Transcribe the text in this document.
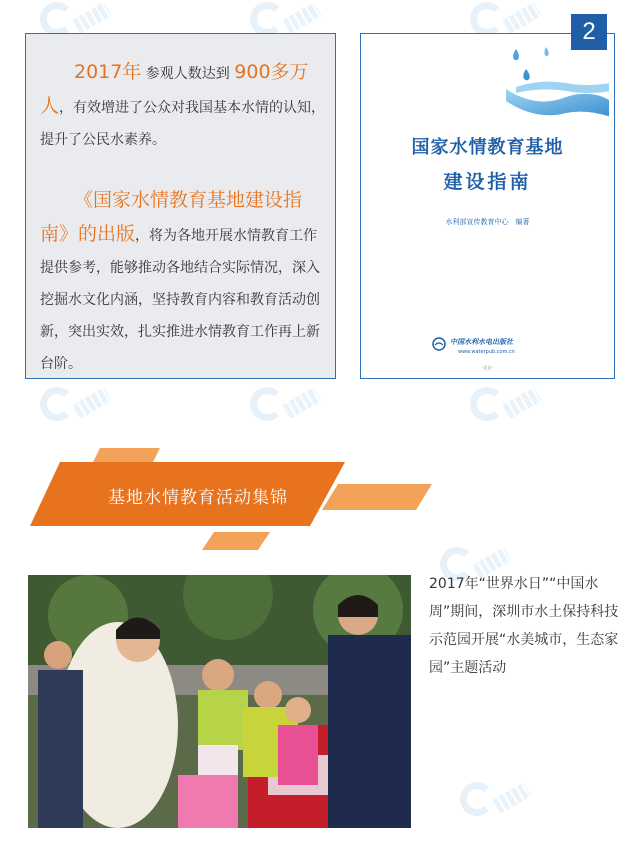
2017年 参观人数达到 900多万人，有效增进了公众对我国基本水情的认知，提升了公民水素养。
《国家水情教育基地建设指南》的出版，将为各地开展水情教育工作提供参考，能够推动各地结合实际情况，深入挖掘水文化内涵，坚持教育内容和教育活动创新，突出实效，扎实推进水情教育工作再上新台阶。
国家水情教育基地
建设指南
水利部宣传教育中心　编著
中国水利水电出版社
www.waterpub.com.cn
·北京·
2
基地水情教育活动集锦
2017年“世界水日”“中国水周”期间，深圳市水土保持科技示范园开展“水美城市，生态家园”主题活动
